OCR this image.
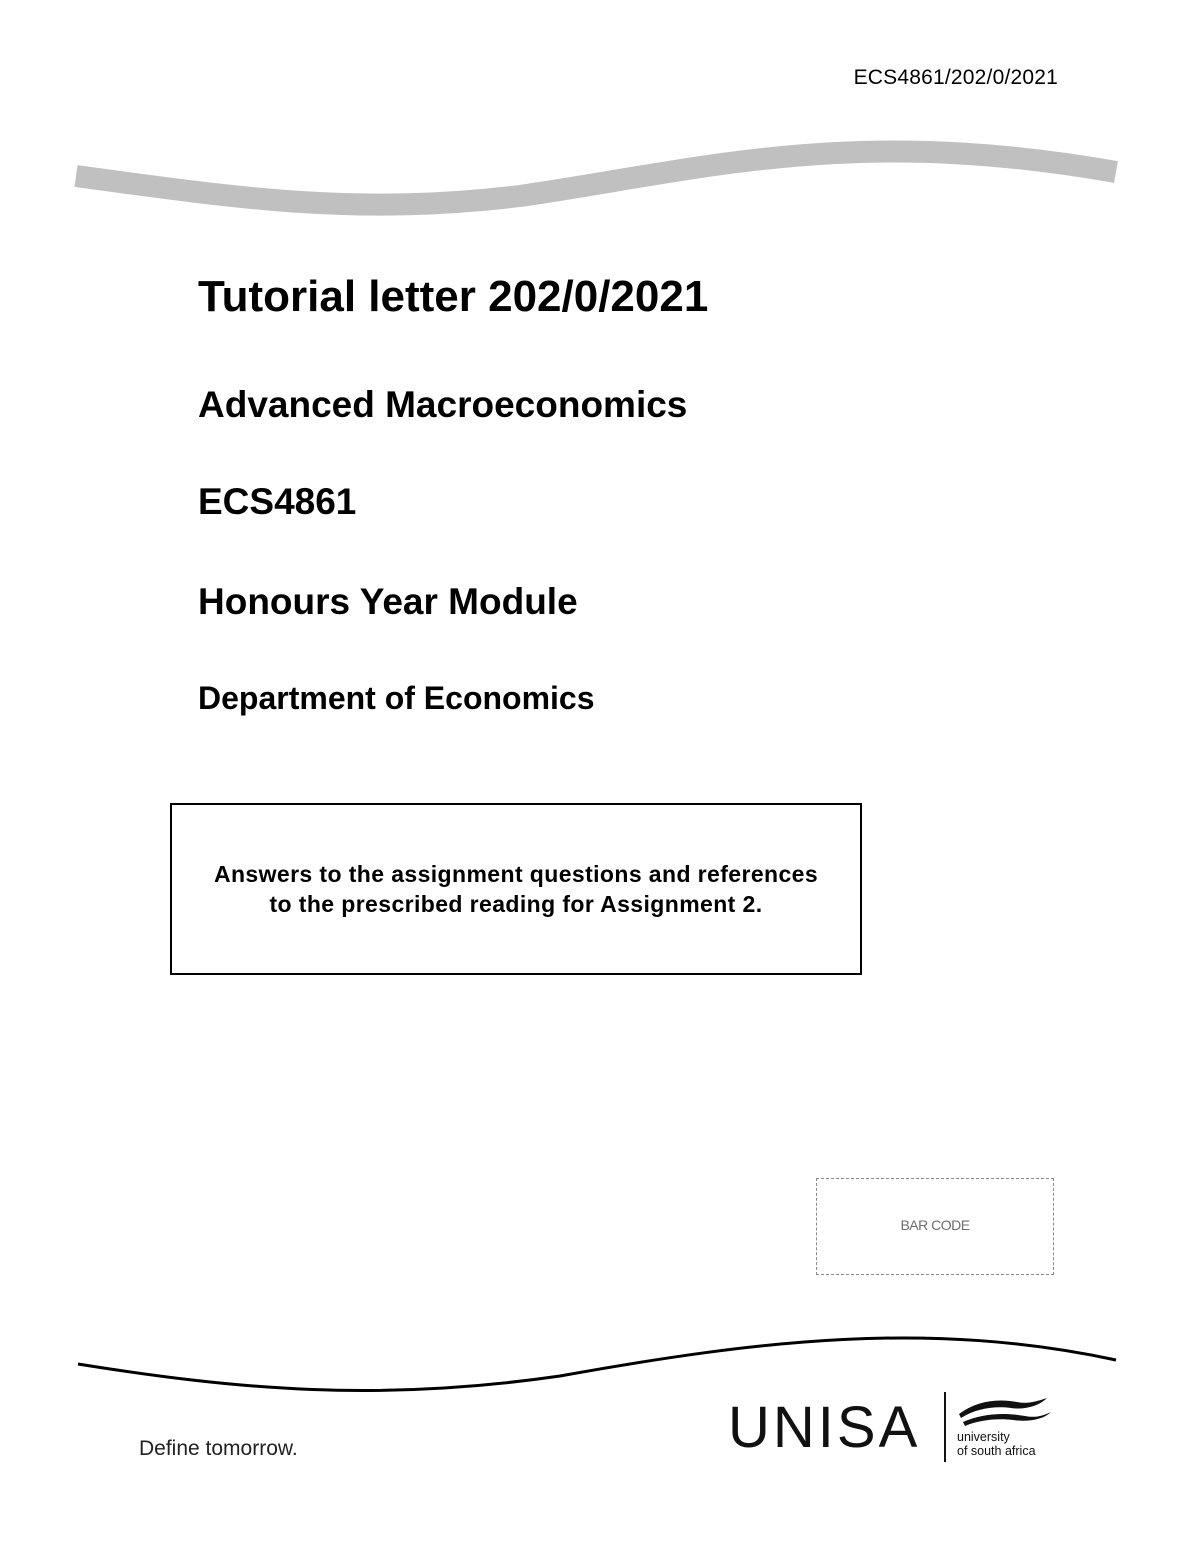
ECS4861/202/0/2021
Tutorial letter 202/0/2021
Advanced Macroeconomics
ECS4861
Honours Year Module
Department of Economics
Answers to the assignment questions and references
to the prescribed reading for Assignment 2.
BAR CODE
Define tomorrow.	UNISA	university
of south africa
